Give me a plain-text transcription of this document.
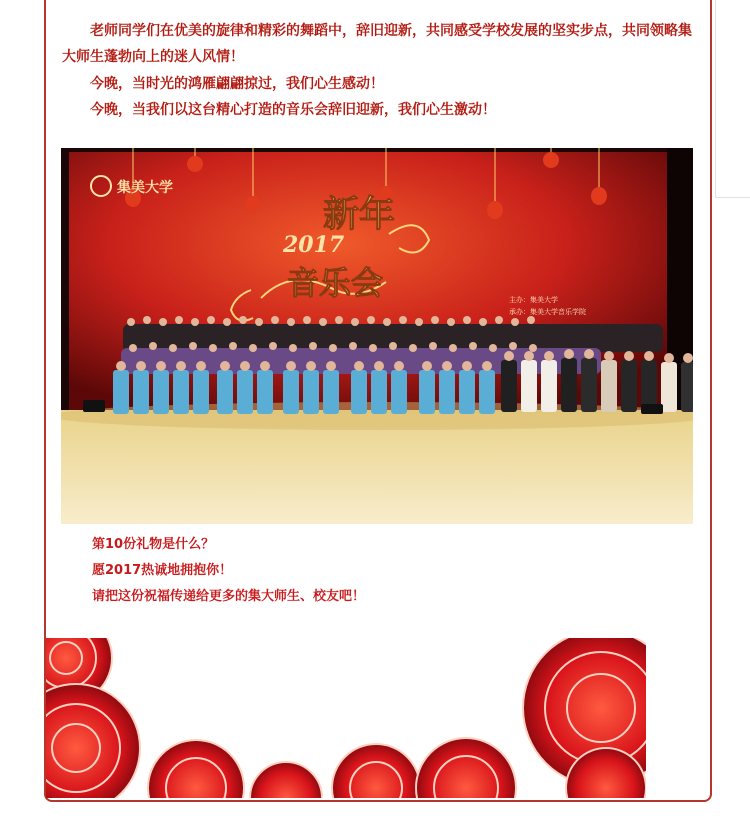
老师同学们在优美的旋律和精彩的舞蹈中，辞旧迎新，共同感受学校发展的坚实步点，共同领略集大师生蓬勃向上的迷人风情！

今晚，当时光的鸿雁翩翩掠过，我们心生感动！

今晚，当我们以这台精心打造的音乐会辞旧迎新，我们心生激动！

集美大学
新年
2017
音乐会	主办：集美大学
承办：集美大学音乐学院

第10份礼物是什么？

愿2017热诚地拥抱你！

请把这份祝福传递给更多的集大师生、校友吧！
